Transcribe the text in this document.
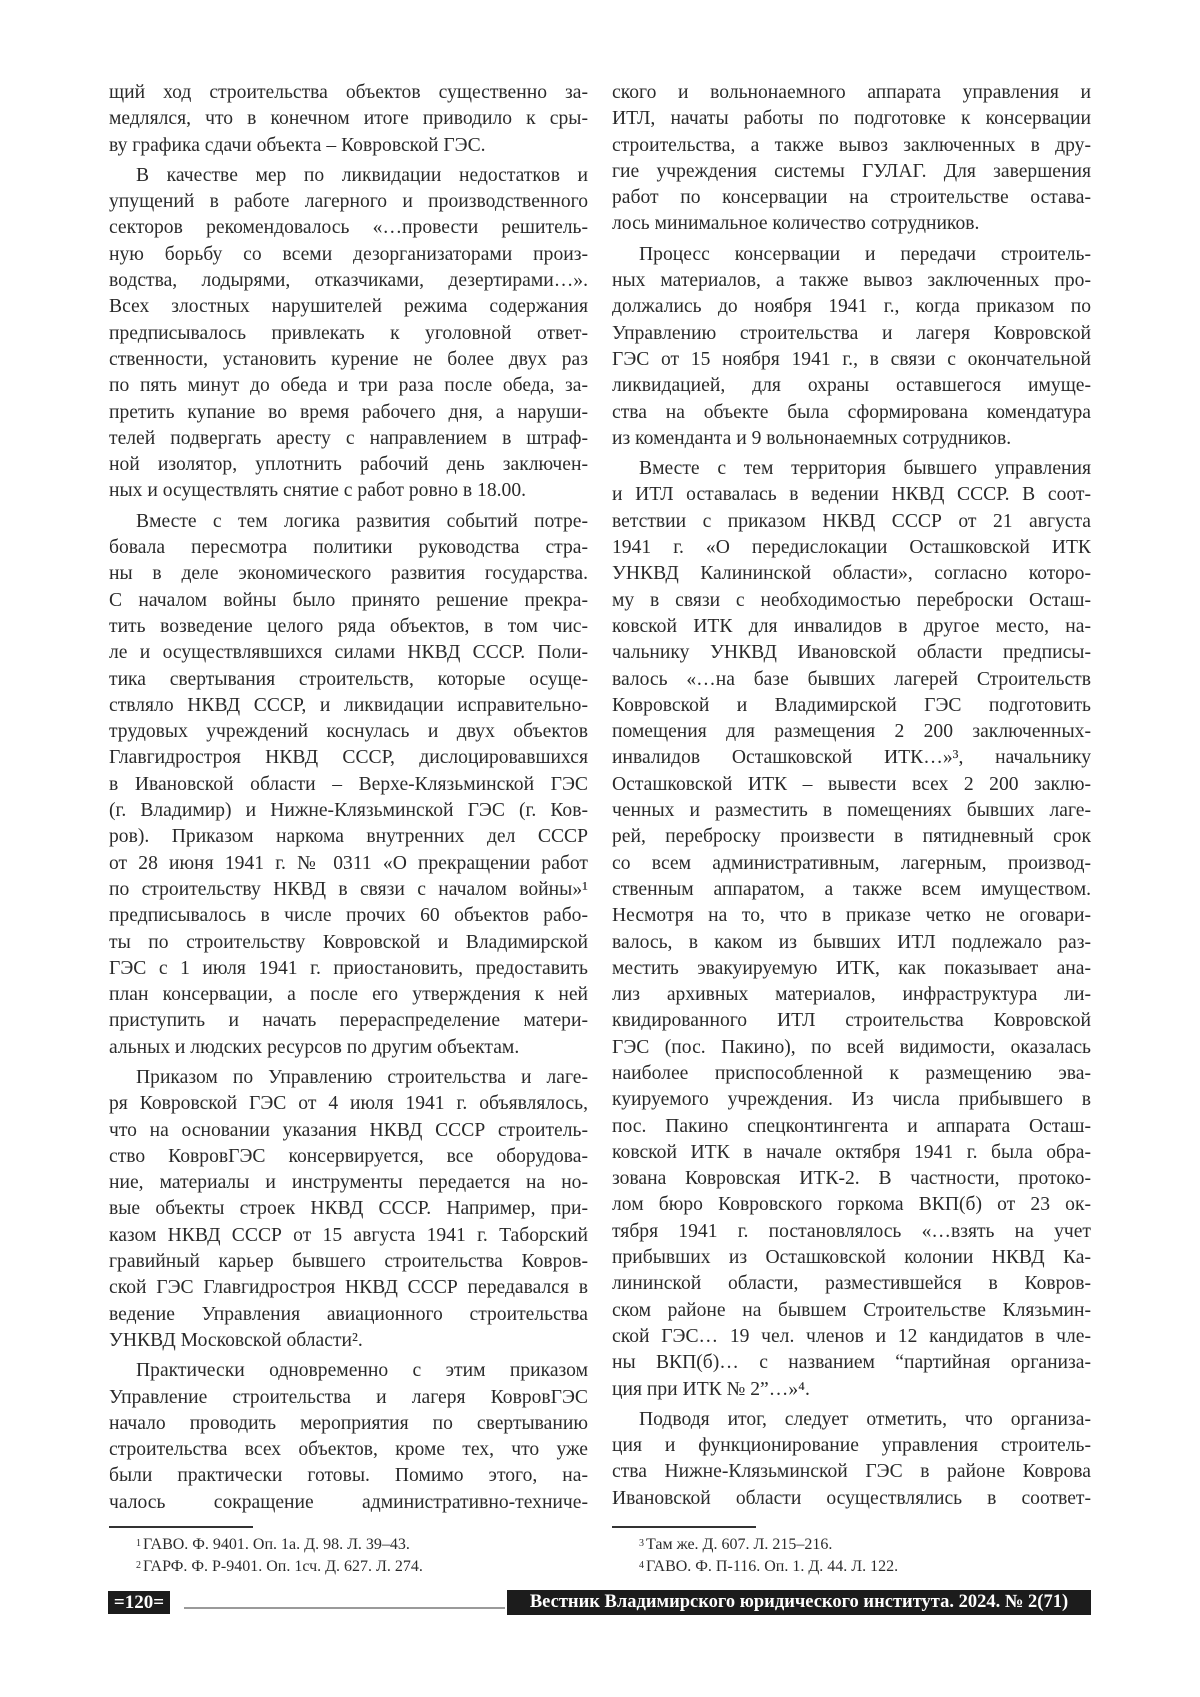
щий ход строительства объектов существенно за-
медлялся, что в конечном итоге приводило к сры-
ву графика сдачи объекта – Ковровской ГЭС.
В качестве мер по ликвидации недостатков и
упущений в работе лагерного и производственного
секторов рекомендовалось «…провести решитель-
ную борьбу со всеми дезорганизаторами произ-
водства, лодырями, отказчиками, дезертирами…».
Всех злостных нарушителей режима содержания
предписывалось привлекать к уголовной ответ-
ственности, установить курение не более двух раз
по пять минут до обеда и три раза после обеда, за-
претить купание во время рабочего дня, а наруши-
телей подвергать аресту с направлением в штраф-
ной изолятор, уплотнить рабочий день заключен-
ных и осуществлять снятие с работ ровно в 18.00.
Вместе с тем логика развития событий потре-
бовала пересмотра политики руководства стра-
ны в деле экономического развития государства.
С началом войны было принято решение прекра-
тить возведение целого ряда объектов, в том чис-
ле и осуществлявшихся силами НКВД СССР. Поли-
тика свертывания строительств, которые осуще-
ствляло НКВД СССР, и ликвидации исправительно-
трудовых учреждений коснулась и двух объектов
Главгидростроя НКВД СССР, дислоцировавшихся
в Ивановской области – Верхе-Клязьминской ГЭС
(г. Владимир) и Нижне-Клязьминской ГЭС (г. Ков-
ров). Приказом наркома внутренних дел СССР
от 28 июня 1941 г. № 0311 «О прекращении работ
по строительству НКВД в связи с началом войны»¹
предписывалось в числе прочих 60 объектов рабо-
ты по строительству Ковровской и Владимирской
ГЭС с 1 июля 1941 г. приостановить, предоставить
план консервации, а после его утверждения к ней
приступить и начать перераспределение матери-
альных и людских ресурсов по другим объектам.
Приказом по Управлению строительства и лаге-
ря Ковровской ГЭС от 4 июля 1941 г. объявлялось,
что на основании указания НКВД СССР строитель-
ство КовровГЭС консервируется, все оборудова-
ние, материалы и инструменты передается на но-
вые объекты строек НКВД СССР. Например, при-
казом НКВД СССР от 15 августа 1941 г. Таборский
гравийный карьер бывшего строительства Ковров-
ской ГЭС Главгидростроя НКВД СССР передавался в
ведение Управления авиационного строительства
УНКВД Московской области².
Практически одновременно с этим приказом
Управление строительства и лагеря КовровГЭС
начало проводить мероприятия по свертыванию
строительства всех объектов, кроме тех, что уже
были практически готовы. Помимо этого, на-
чалось сокращение административно-техниче-
ского и вольнонаемного аппарата управления и
ИТЛ, начаты работы по подготовке к консервации
строительства, а также вывоз заключенных в дру-
гие учреждения системы ГУЛАГ. Для завершения
работ по консервации на строительстве остава-
лось минимальное количество сотрудников.
Процесс консервации и передачи строитель-
ных материалов, а также вывоз заключенных про-
должались до ноября 1941 г., когда приказом по
Управлению строительства и лагеря Ковровской
ГЭС от 15 ноября 1941 г., в связи с окончательной
ликвидацией, для охраны оставшегося имуще-
ства на объекте была сформирована комендатура
из коменданта и 9 вольнонаемных сотрудников.
Вместе с тем территория бывшего управления
и ИТЛ оставалась в ведении НКВД СССР. В соот-
ветствии с приказом НКВД СССР от 21 августа
1941 г. «О передислокации Осташковской ИТК
УНКВД Калининской области», согласно которо-
му в связи с необходимостью переброски Осташ-
ковской ИТК для инвалидов в другое место, на-
чальнику УНКВД Ивановской области предписы-
валось «…на базе бывших лагерей Строительств
Ковровской и Владимирской ГЭС подготовить
помещения для размещения 2 200 заключенных-
инвалидов Осташковской ИТК…»³, начальнику
Осташковской ИТК – вывести всех 2 200 заклю-
ченных и разместить в помещениях бывших лаге-
рей, переброску произвести в пятидневный срок
со всем административным, лагерным, производ-
ственным аппаратом, а также всем имуществом.
Несмотря на то, что в приказе четко не оговари-
валось, в каком из бывших ИТЛ подлежало раз-
местить эвакуируемую ИТК, как показывает ана-
лиз архивных материалов, инфраструктура ли-
квидированного ИТЛ строительства Ковровской
ГЭС (пос. Пакино), по всей видимости, оказалась
наиболее приспособленной к размещению эва-
куируемого учреждения. Из числа прибывшего в
пос. Пакино спецконтингента и аппарата Осташ-
ковской ИТК в начале октября 1941 г. была обра-
зована Ковровская ИТК-2. В частности, протоко-
лом бюро Ковровского горкома ВКП(б) от 23 ок-
тября 1941 г. постановлялось «…взять на учет
прибывших из Осташковской колонии НКВД Ка-
лининской области, разместившейся в Ковров-
ском районе на бывшем Строительстве Клязьмин-
ской ГЭС… 19 чел. членов и 12 кандидатов в чле-
ны ВКП(б)… с названием “партийная организа-
ция при ИТК № 2”…»⁴.
Подводя итог, следует отметить, что организа-
ция и функционирование управления строитель-
ства Нижне-Клязьминской ГЭС в районе Коврова
Ивановской области осуществлялись в соответ-
1 ГАВО. Ф. 9401. Оп. 1а. Д. 98. Л. 39–43.
2 ГАРФ. Ф. Р-9401. Оп. 1сч. Д. 627. Л. 274.
3 Там же. Д. 607. Л. 215–216.
4 ГАВО. Ф. П-116. Оп. 1. Д. 44. Л. 122.
=120=	Вестник Владимирского юридического института. 2024. № 2(71)
